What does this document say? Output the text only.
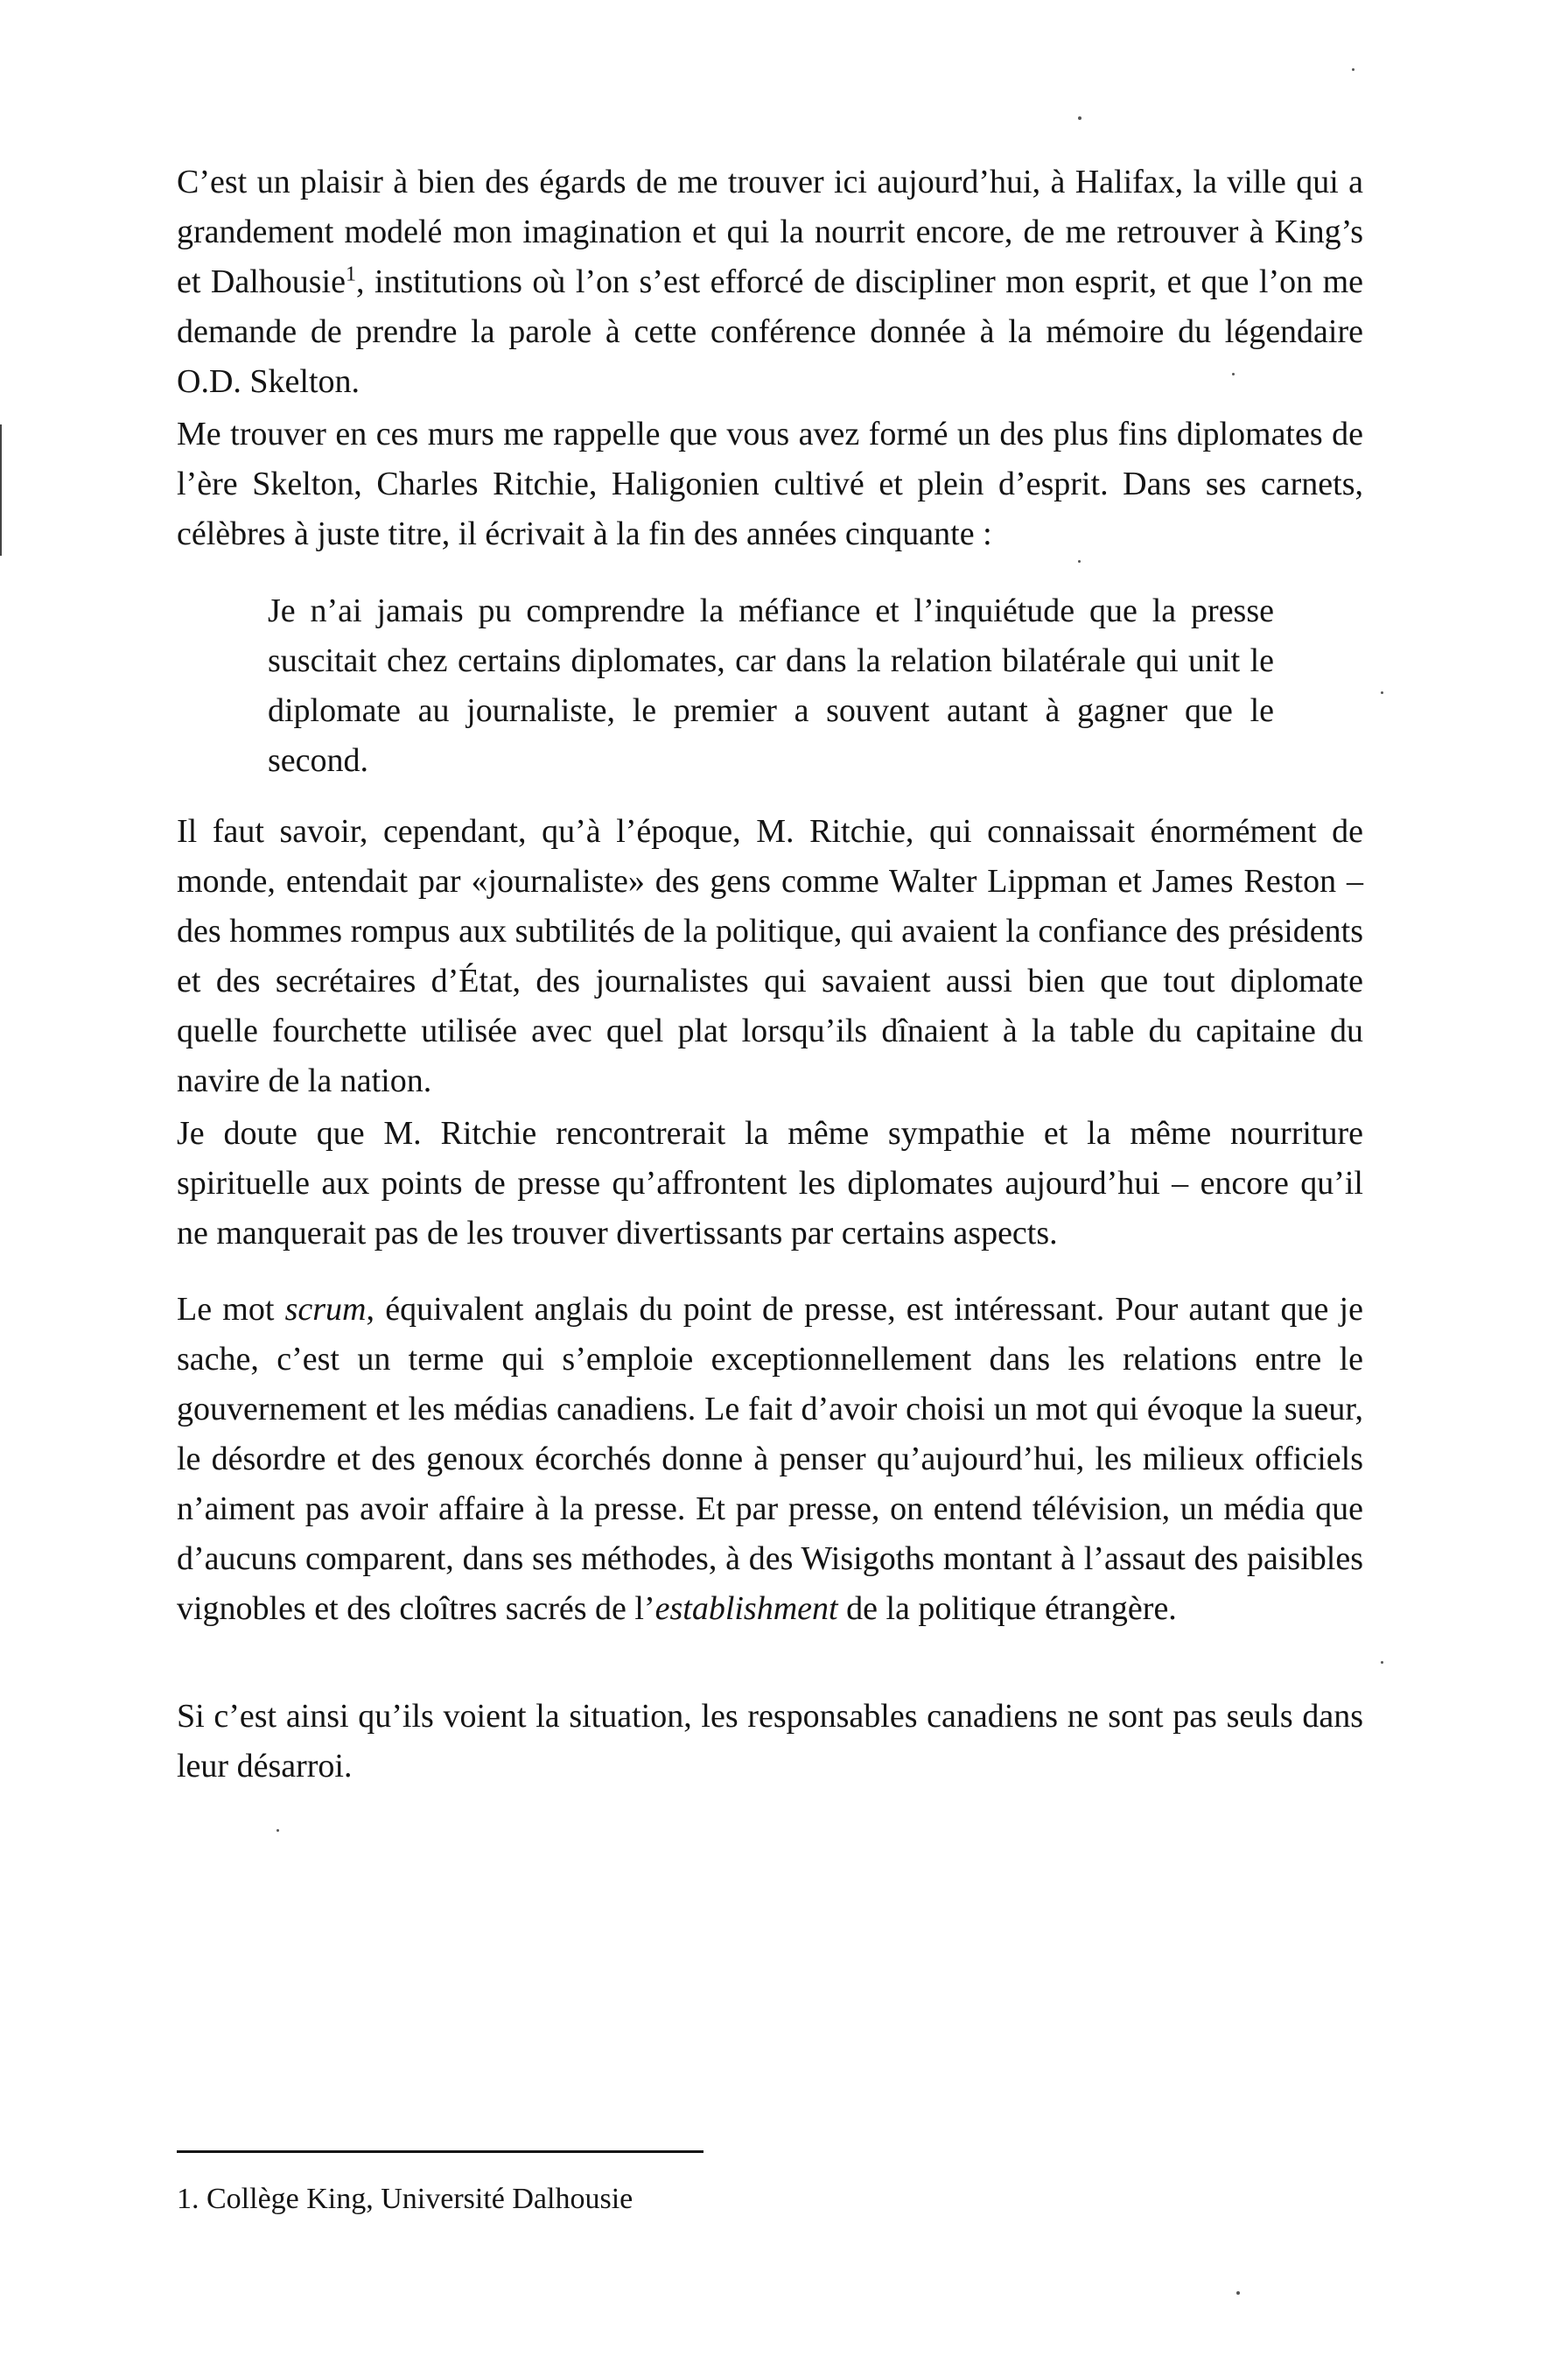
C’est un plaisir à bien des égards de me trouver ici aujourd’hui, à Halifax, la ville qui a grandement modelé mon imagination et qui la nourrit encore, de me retrouver à King’s et Dalhousie$^1$, institutions où l’on s’est efforcé de discipliner mon esprit, et que l’on me demande de prendre la parole à cette conférence donnée à la mémoire du légendaire O.D. Skelton.

Me trouver en ces murs me rappelle que vous avez formé un des plus fins diplomates de l’ère Skelton, Charles Ritchie, Haligonien cultivé et plein d’esprit. Dans ses carnets, célèbres à juste titre, il écrivait à la fin des années cinquante :

Je n’ai jamais pu comprendre la méfiance et l’inquiétude que la presse suscitait chez certains diplomates, car dans la relation bilatérale qui unit le diplomate au journaliste, le premier a souvent autant à gagner que le second.

Il faut savoir, cependant, qu’à l’époque, M. Ritchie, qui connaissait énormément de monde, entendait par «journaliste» des gens comme Walter Lippman et James Reston – des hommes rompus aux subtilités de la politique, qui avaient la confiance des présidents et des secrétaires d’État, des journalistes qui savaient aussi bien que tout diplomate quelle fourchette utilisée avec quel plat lorsqu’ils dînaient à la table du capitaine du navire de la nation.

Je doute que M. Ritchie rencontrerait la même sympathie et la même nourriture spirituelle aux points de presse qu’affrontent les diplomates aujourd’hui – encore qu’il ne manquerait pas de les trouver divertissants par certains aspects.

Le mot scrum, équivalent anglais du point de presse, est intéressant. Pour autant que je sache, c’est un terme qui s’emploie exceptionnellement dans les relations entre le gouvernement et les médias canadiens. Le fait d’avoir choisi un mot qui évoque la sueur, le désordre et des genoux écorchés donne à penser qu’aujourd’hui, les milieux officiels n’aiment pas avoir affaire à la presse. Et par presse, on entend télévision, un média que d’aucuns comparent, dans ses méthodes, à des Wisigoths montant à l’assaut des paisibles vignobles et des cloîtres sacrés de l’establishment de la politique étrangère.

Si c’est ainsi qu’ils voient la situation, les responsables canadiens ne sont pas seuls dans leur désarroi.

1. Collège King, Université Dalhousie
